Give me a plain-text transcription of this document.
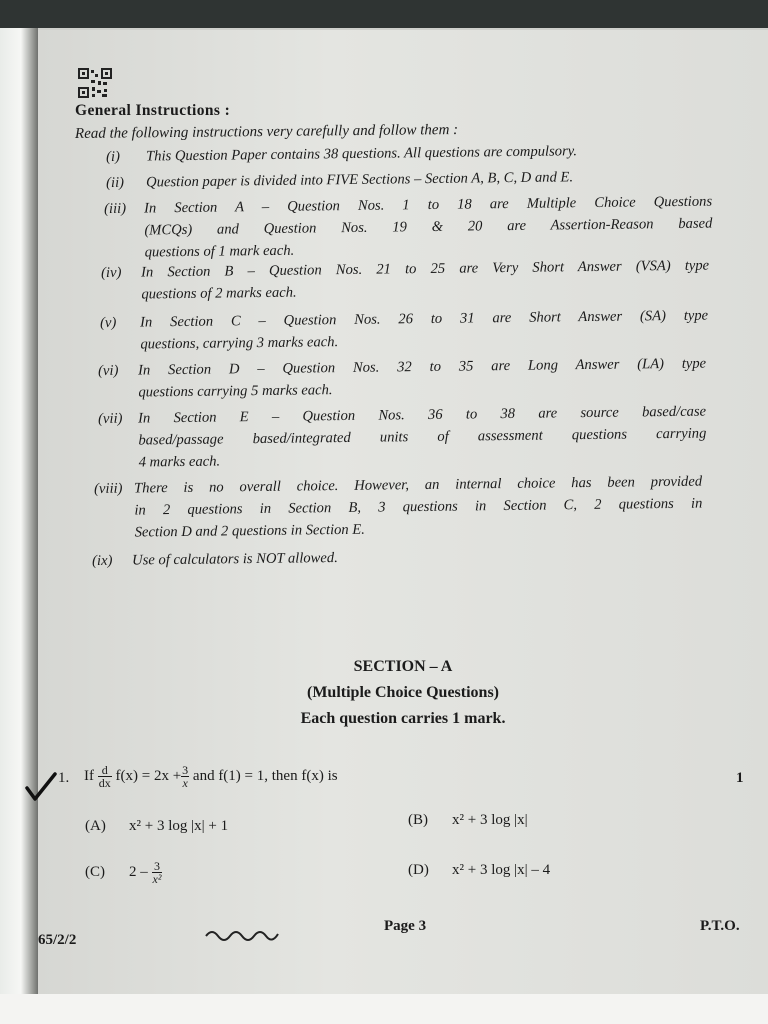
General Instructions :
Read the following instructions very carefully and follow them :
(i)	This Question Paper contains 38 questions. All questions are compulsory.
(ii)	Question paper is divided into FIVE Sections – Section A, B, C, D and E.
(iii)	In Section A – Question Nos. 1 to 18 are Multiple Choice Questions
(MCQs) and Question Nos. 19 & 20 are Assertion-Reason based
questions of 1 mark each.
(iv)	In Section B – Question Nos. 21 to 25 are Very Short Answer (VSA) type
questions of 2 marks each.
(v)	In Section C – Question Nos. 26 to 31 are Short Answer (SA) type
questions, carrying 3 marks each.
(vi)	In Section D – Question Nos. 32 to 35 are Long Answer (LA) type
questions carrying 5 marks each.
(vii)	In Section E – Question Nos. 36 to 38 are source based/case
based/passage based/integrated units of assessment questions carrying
4 marks each.
(viii) There is no overall choice. However, an internal choice has been provided
in 2 questions in Section B, 3 questions in Section C, 2 questions in
Section D and 2 questions in Section E.
(ix)	Use of calculators is NOT allowed.
SECTION – A
(Multiple Choice Questions)
Each question carries 1 mark.
1. If $\frac{d}{dx} f(x) = 2x + \frac{3}{x}$ and f(1) = 1, then f(x) is	1
(A) x² + 3 log |x| + 1	(B) x² + 3 log |x|
(C) $2 - \frac{3}{\text{x²}}$	(D) x² + 3 log |x| – 4
65/2/2
Page 3	P.T.O.
